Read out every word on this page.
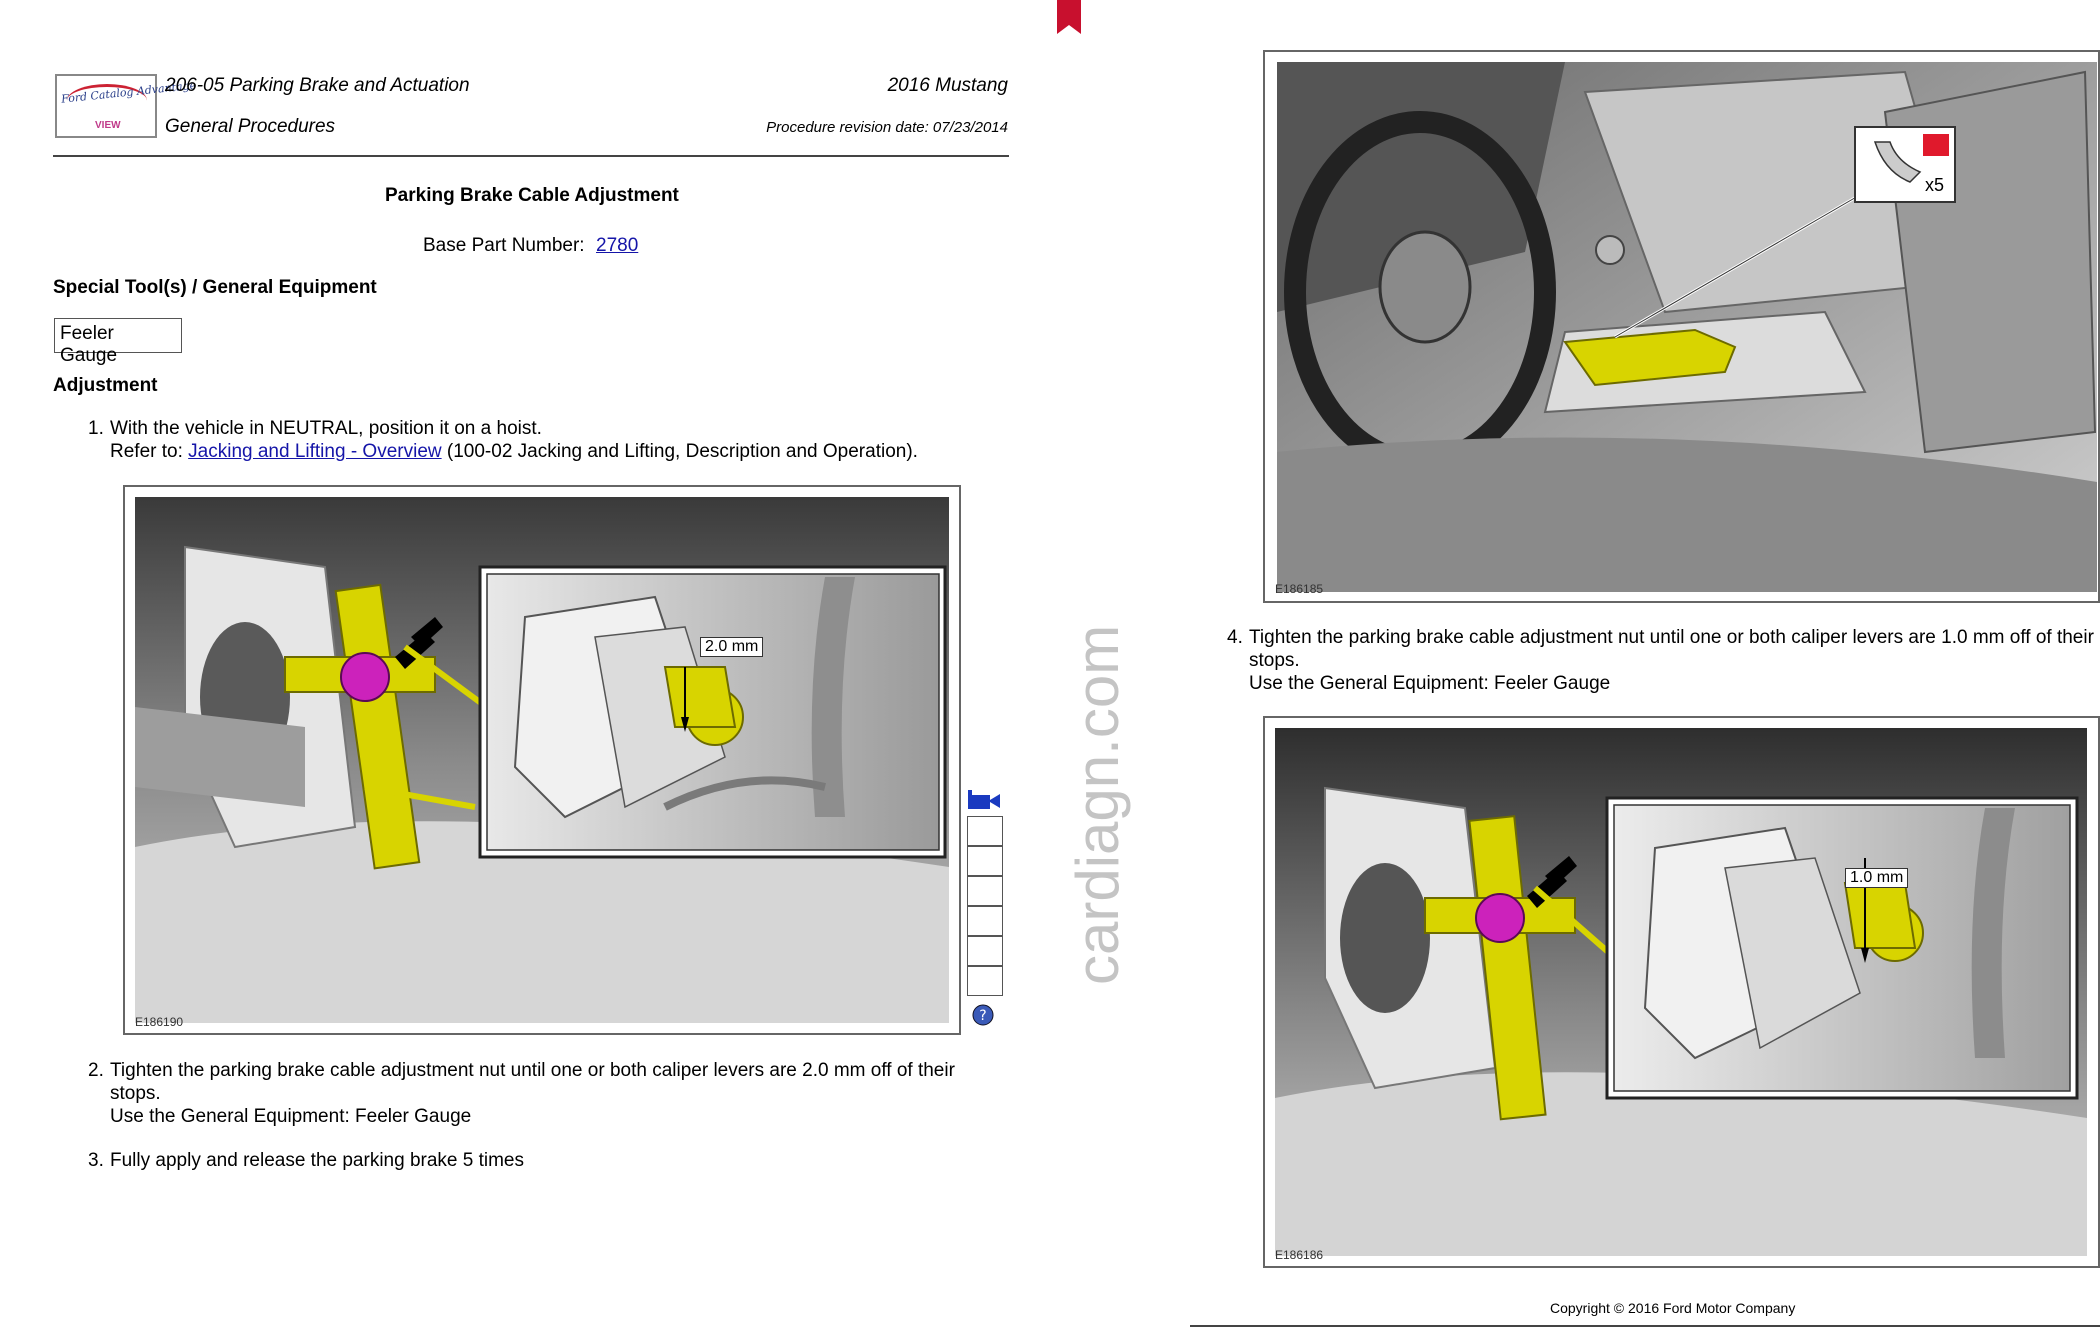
Ford Catalog Advantage
VIEW
206-05 Parking Brake and Actuation
General Procedures
2016 Mustang
Procedure revision date: 07/23/2014
Parking Brake Cable Adjustment
Base Part Number: 2780
Special Tool(s) / General Equipment
Feeler Gauge
Adjustment
1. With the vehicle in NEUTRAL, position it on a hoist.
Refer to: Jacking and Lifting - Overview (100-02 Jacking and Lifting, Description and Operation).
2.0 mm
E186190	?
2. Tighten the parking brake cable adjustment nut until one or both caliper levers are 2.0 mm off of their
stops.
Use the General Equipment: Feeler Gauge
3. Fully apply and release the parking brake 5 times
cardiagn.com
x5
E186185
4. Tighten the parking brake cable adjustment nut until one or both caliper levers are 1.0 mm off of their
stops.
Use the General Equipment: Feeler Gauge
1.0 mm
E186186
Copyright © 2016 Ford Motor Company
